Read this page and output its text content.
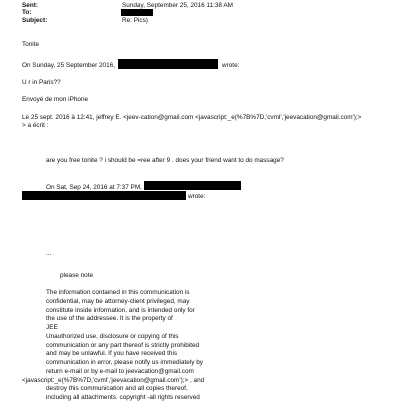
Sent:	Sunday, September 25, 2016 11:38 AM
To:
Subject:	Re: Pics)
Tonite
On Sunday, 25 September 2016,	wrote:
U r in Paris??
Envoyé de mon iPhone
Le 25 sept. 2016 à 12:41, jeffrey E. <jeev-cation@gmail.com <javascript:_e(%7B%7D,'cvml','jeevacation@gmail.com');>
> a écrit :
are you free tonite ? i should be =ree after 9 . does your friend want to do massage?
On Sat, Sep 24, 2016 at 7:37 PM,
wrote:
...
please note
The information contained in this communication is
confidential, may be attorney-client privileged, may
constitute inside information, and is intended only for
the use of the addressee. It is the property of
JEE
Unauthorized use, disclosure or copying of this
communication or any part thereof is strictly prohibited
and may be unlawful. If you have received this
communication in error, please notify us immediately by
return e-mail or by e-mail to jeevacation@gmail.com
<javascript:_e(%7B%7D,'cvml','jeevacation@gmail.com');> , and
destroy this communication and all copies thereof,
including all attachments. copyright -all rights reserved
